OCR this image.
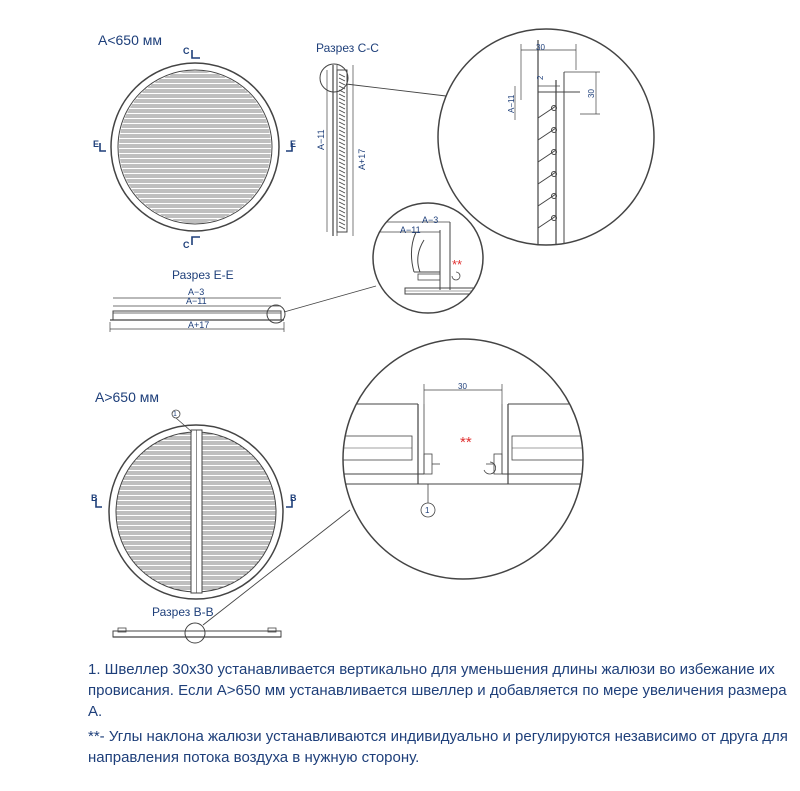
A<650 мм
C
C
E	E
Разрез C-C
A−11
A+17
30
2
30
A−11
Разрез E-E
A−3
A−11
A+17
A−3
A−11
**
A>650 мм
1
B	B
30
**
1
Разрез B-B

1. Швеллер 30х30 устанавливается вертикально для уменьшения длины жалюзи во избежание их провисания. Если А>650 мм устанавливается швеллер и добавляется по мере увеличения размера А.

**- Углы наклона жалюзи устанавливаются индивидуально и регулируются независимо от друга для направления потока воздуха в нужную сторону.
